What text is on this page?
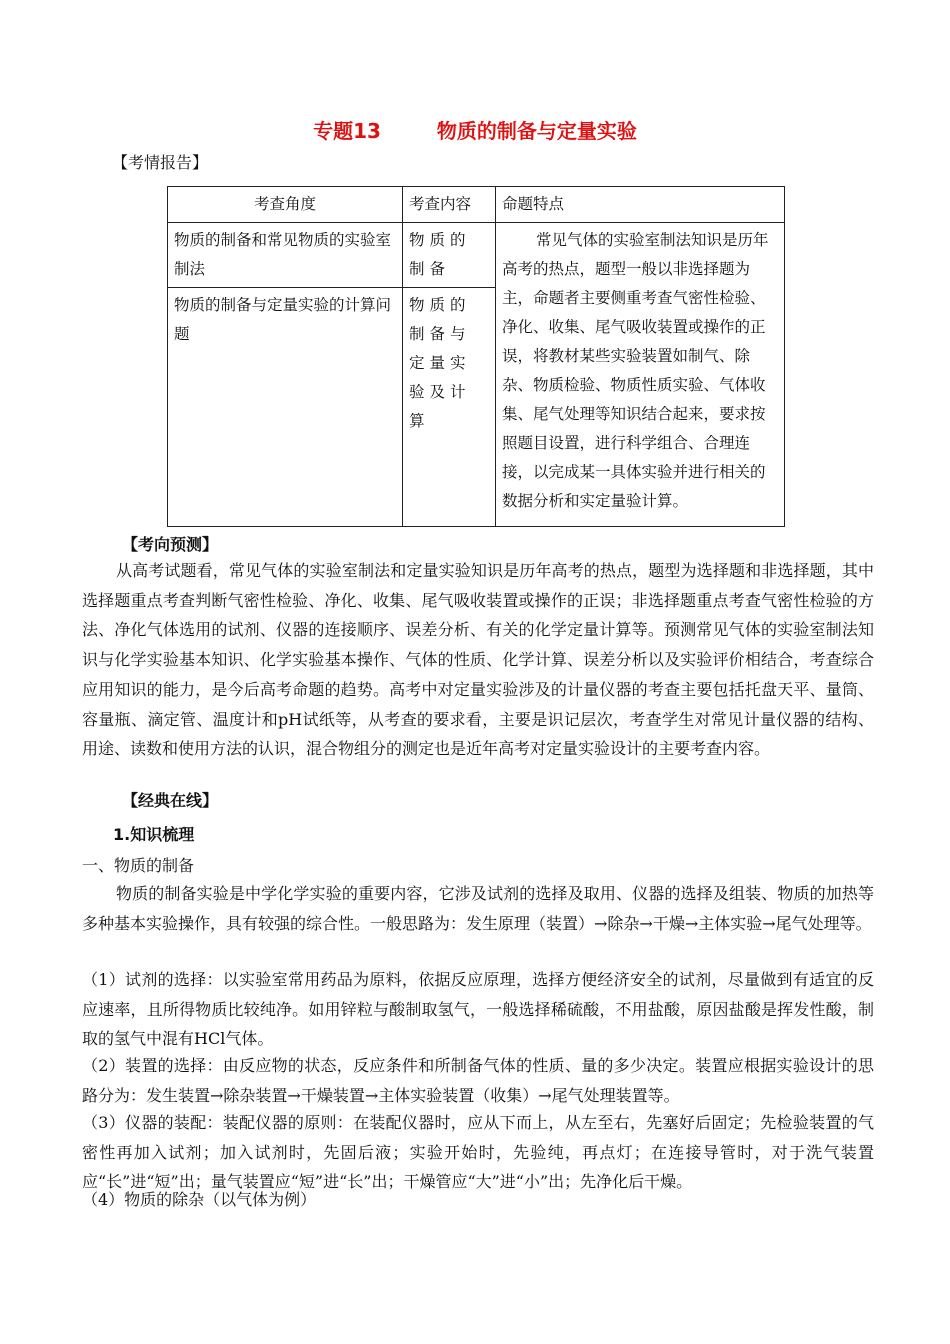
专题13	物质的制备与定量实验
【考情报告】
考查角度	考查内容	命题特点
物质的制备和常见物质的实验室制法	物质的制备	常见气体的实验室制法知识是历年高考的热点，题型一般以非选择题为主，命题者主要侧重考查气密性检验、净化、收集、尾气吸收装置或操作的正误，将教材某些实验装置如制气、除杂、物质检验、物质性质实验、气体收集、尾气处理等知识结合起来，要求按照题目设置，进行科学组合、合理连接，以完成某一具体实验并进行相关的数据分析和实定量验计算。
物质的制备与定量实验的计算问题	物质的制备与定量实验及计算	
【考向预测】
从高考试题看，常见气体的实验室制法和定量实验知识是历年高考的热点，题型为选择题和非选择题，其中选择题重点考查判断气密性检验、净化、收集、尾气吸收装置或操作的正误；非选择题重点考查气密性检验的方法、净化气体选用的试剂、仪器的连接顺序、误差分析、有关的化学定量计算等。预测常见气体的实验室制法知识与化学实验基本知识、化学实验基本操作、气体的性质、化学计算、误差分析以及实验评价相结合，考查综合应用知识的能力，是今后高考命题的趋势。高考中对定量实验涉及的计量仪器的考查主要包括托盘天平、量筒、容量瓶、滴定管、温度计和pH试纸等，从考查的要求看，主要是识记层次，考查学生对常见计量仪器的结构、用途、读数和使用方法的认识，混合物组分的测定也是近年高考对定量实验设计的主要考查内容。
【经典在线】
1.知识梳理
一、物质的制备
物质的制备实验是中学化学实验的重要内容，它涉及试剂的选择及取用、仪器的选择及组装、物质的加热等多种基本实验操作，具有较强的综合性。一般思路为：发生原理（装置）→除杂→干燥→主体实验→尾气处理等。
（1）试剂的选择：以实验室常用药品为原料，依据反应原理，选择方便经济安全的试剂，尽量做到有适宜的反应速率，且所得物质比较纯净。如用锌粒与酸制取氢气，一般选择稀硫酸，不用盐酸，原因盐酸是挥发性酸，制取的氢气中混有HCl气体。
（2）装置的选择：由反应物的状态，反应条件和所制备气体的性质、量的多少决定。装置应根据实验设计的思路分为：发生装置→除杂装置→干燥装置→主体实验装置（收集）→尾气处理装置等。
（3）仪器的装配：装配仪器的原则：在装配仪器时，应从下而上，从左至右，先塞好后固定；先检验装置的气密性再加入试剂；加入试剂时，先固后液；实验开始时，先验纯，再点灯；在连接导管时，对于洗气装置应“长”进“短”出；量气装置应“短”进“长”出；干燥管应“大”进“小”出；先净化后干燥。
（4）物质的除杂（以气体为例）
